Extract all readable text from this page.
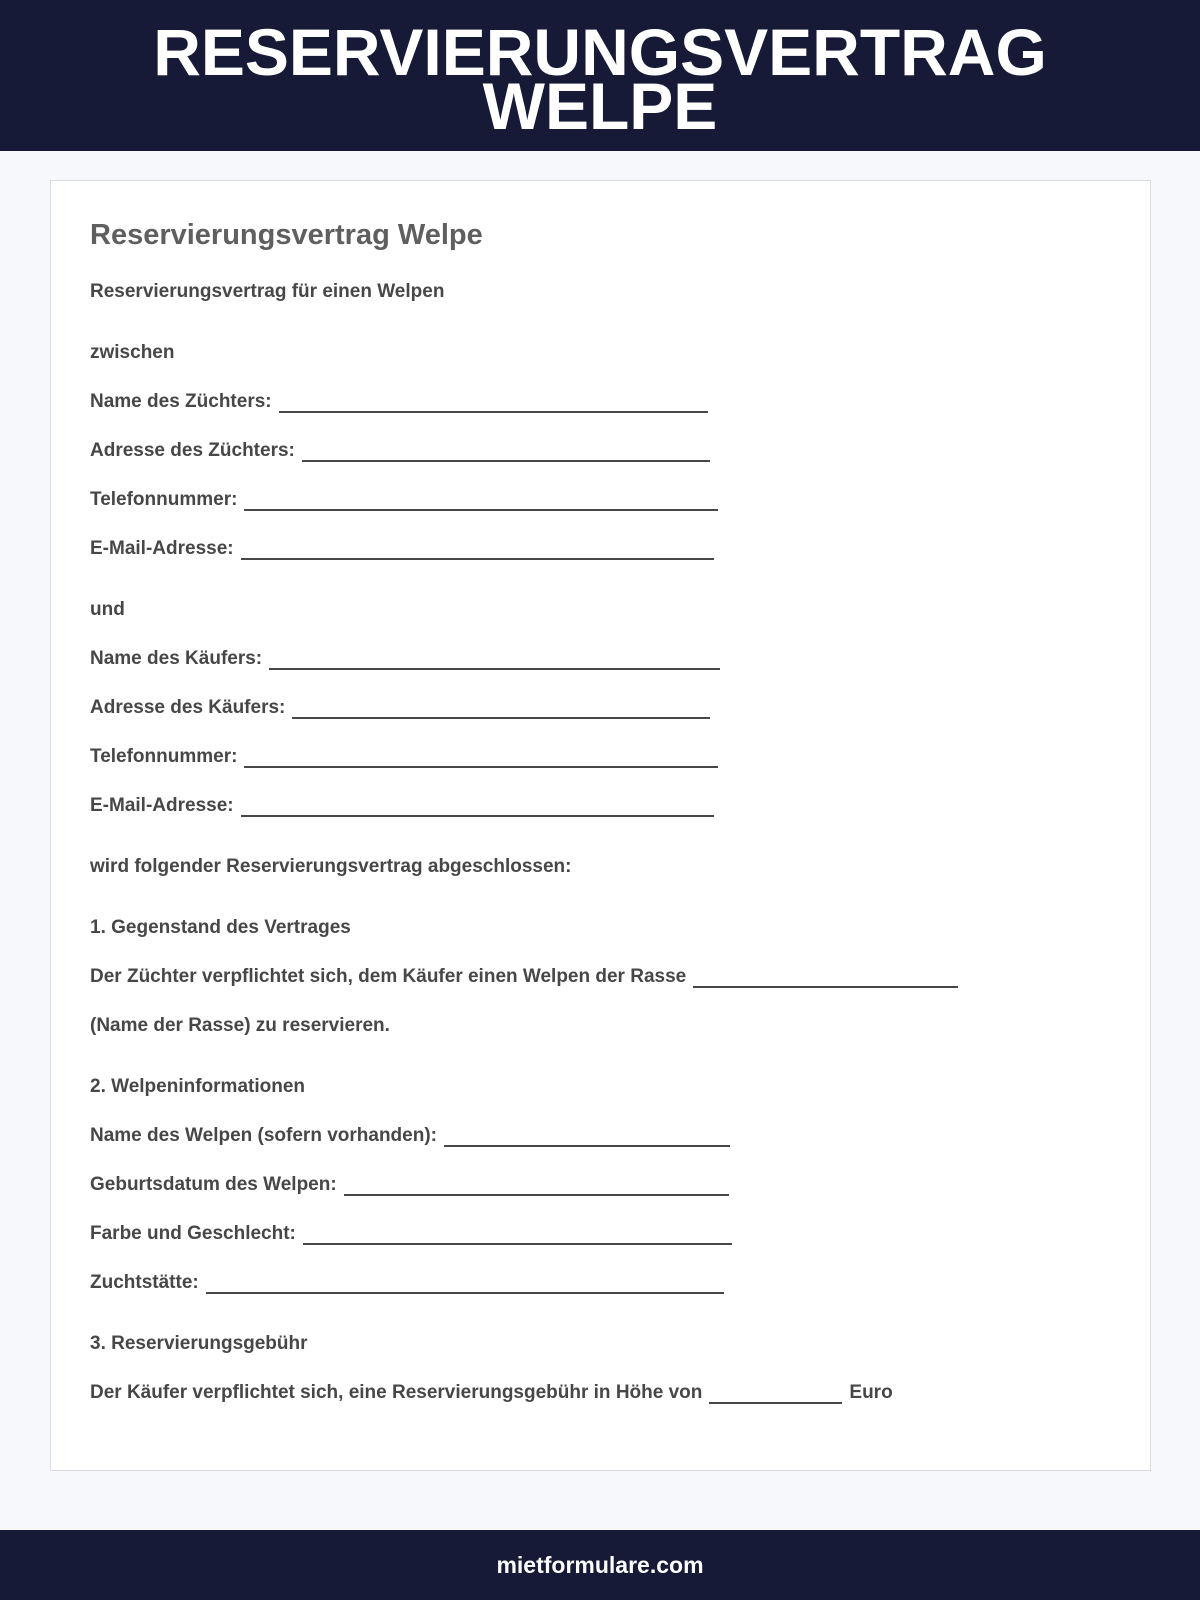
RESERVIERUNGSVERTRAG
WELPE
Reservierungsvertrag Welpe
Reservierungsvertrag für einen Welpen
zwischen
Name des Züchters:
Adresse des Züchters:
Telefonnummer:
E-Mail-Adresse:
und
Name des Käufers:
Adresse des Käufers:
Telefonnummer:
E-Mail-Adresse:
wird folgender Reservierungsvertrag abgeschlossen:
1. Gegenstand des Vertrages
Der Züchter verpflichtet sich, dem Käufer einen Welpen der Rasse
(Name der Rasse) zu reservieren.
2. Welpeninformationen
Name des Welpen (sofern vorhanden):
Geburtsdatum des Welpen:
Farbe und Geschlecht:
Zuchtstätte:
3. Reservierungsgebühr
Der Käufer verpflichtet sich, eine Reservierungsgebühr in Höhe von	Euro
mietformulare.com
